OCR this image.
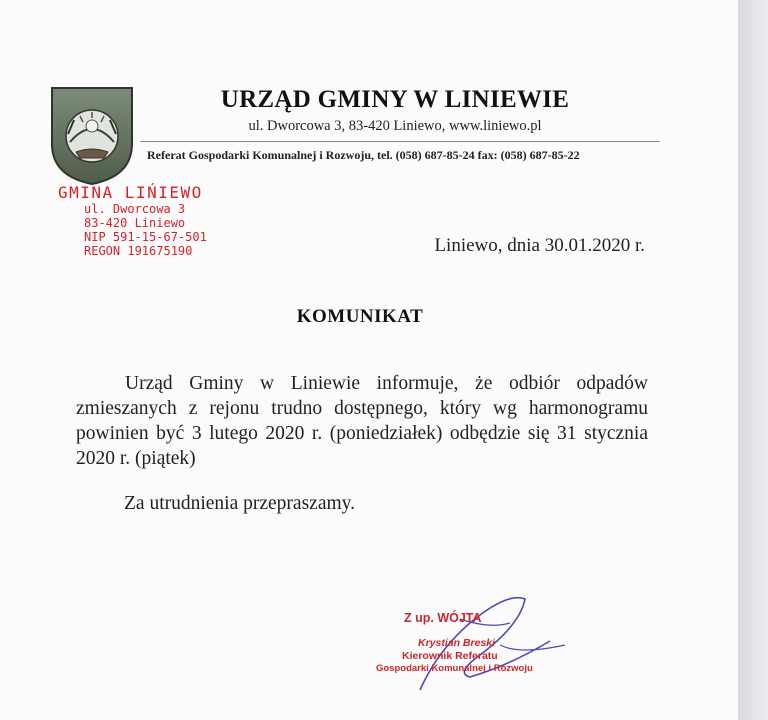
URZĄD GMINY W LINIEWIE
ul. Dworcowa 3, 83-420 Liniewo, www.liniewo.pl
Referat Gospodarki Komunalnej i Rozwoju, tel. (058) 687-85-24 fax: (058) 687-85-22
GMINA LIŃIEWO
ul. Dworcowa 3
83-420 Liniewo
NIP 591-15-67-501
REGON 191675190	Liniewo, dnia 30.01.2020 r.
KOMUNIKAT

Urząd Gminy w Liniewie informuje, że odbiór odpadów zmieszanych z rejonu trudno dostępnego, który wg harmonogramu powinien być 3 lutego 2020 r. (poniedziałek) odbędzie się 31 stycznia 2020 r. (piątek)

Za utrudnienia przepraszamy.
Z up. WÓJTA
Krystian Breski
Kierownik Referatu
Gospodarki Komunalnej i Rozwoju
